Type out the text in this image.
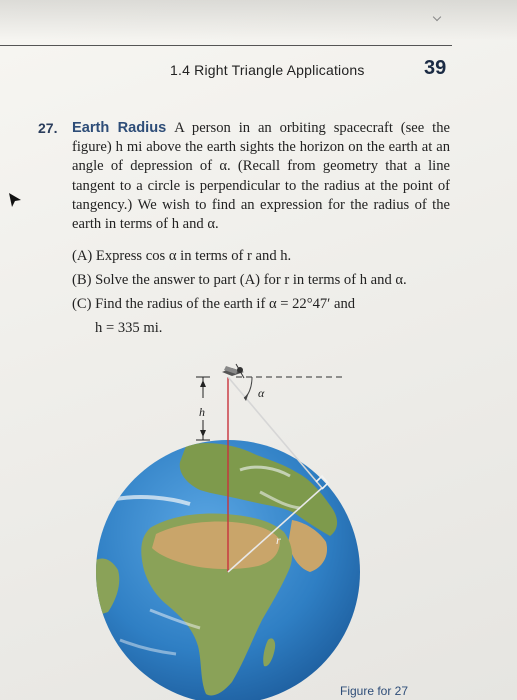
1.4 Right Triangle Applications	39
27. Earth Radius A person in an orbiting spacecraft (see the figure) h mi above the earth sights the horizon on the earth at an angle of depression of α. (Recall from geometry that a line tangent to a circle is perpendicular to the radius at the point of tangency.) We wish to find an expression for the radius of the earth in terms of h and α.
(A) Express cos α in terms of r and h.
(B) Solve the answer to part (A) for r in terms of h and α.
(C) Find the radius of the earth if α = 22°47′ and
h = 335 mi.
h
α
r
Figure for 27
